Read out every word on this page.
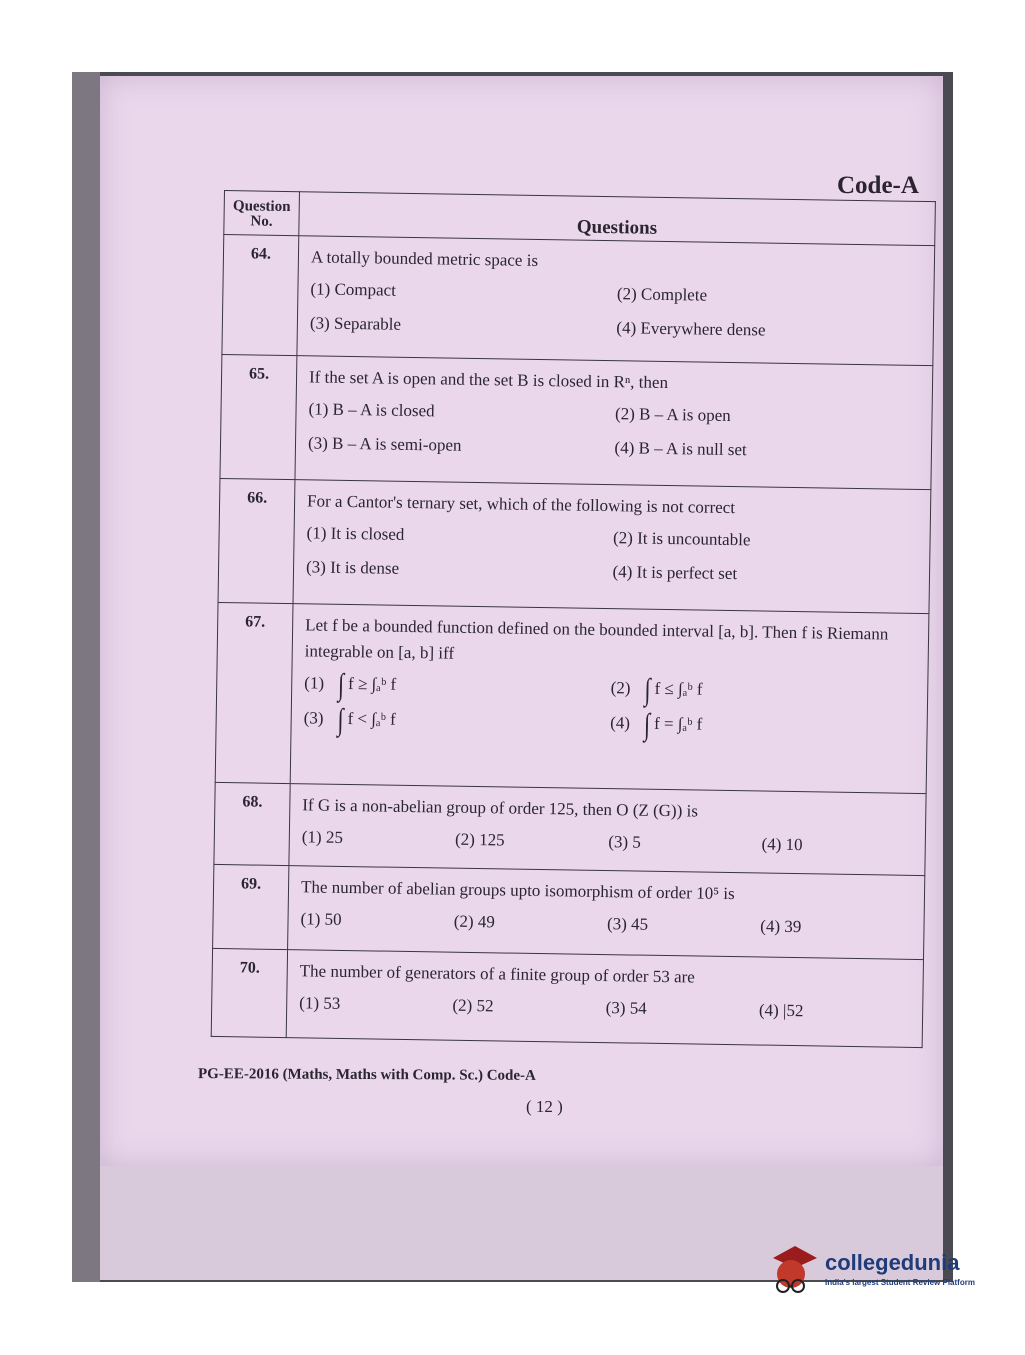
Code-A
Question No.	Questions
64.	A totally bounded metric space is
(1) Compact (2) Complete
(3) Separable (4) Everywhere dense

65.	If the set A is open and the set B is closed in Rⁿ, then
(1) B – A is closed (2) B – A is open
(3) B – A is semi-open (4) B – A is null set

66.	For a Cantor's ternary set, which of the following is not correct
(1) It is closed (2) It is uncountable
(3) It is dense (4) It is perfect set

67.	Let f be a bounded function defined on the bounded interval [a, b]. Then f is Riemann integrable on [a, b] iff
(1) ∫ f ≥ ∫ₐᵇ f (2) ∫ f ≤ ∫ₐᵇ f
(3) ∫ f < ∫ₐᵇ f (4) ∫ f = ∫ₐᵇ f

68.	If G is a non-abelian group of order 125, then O (Z (G)) is
(1) 25 (2) 125 (3) 5 (4) 10

69.	The number of abelian groups upto isomorphism of order 10⁵ is
(1) 50 (2) 49 (3) 45 (4) 39

70.	The number of generators of a finite group of order 53 are
(1) 53 (2) 52 (3) 54 (4) |52
PG-EE-2016 (Maths, Maths with Comp. Sc.) Code-A
( 12 )
collegedunia
India's largest Student Review Platform
